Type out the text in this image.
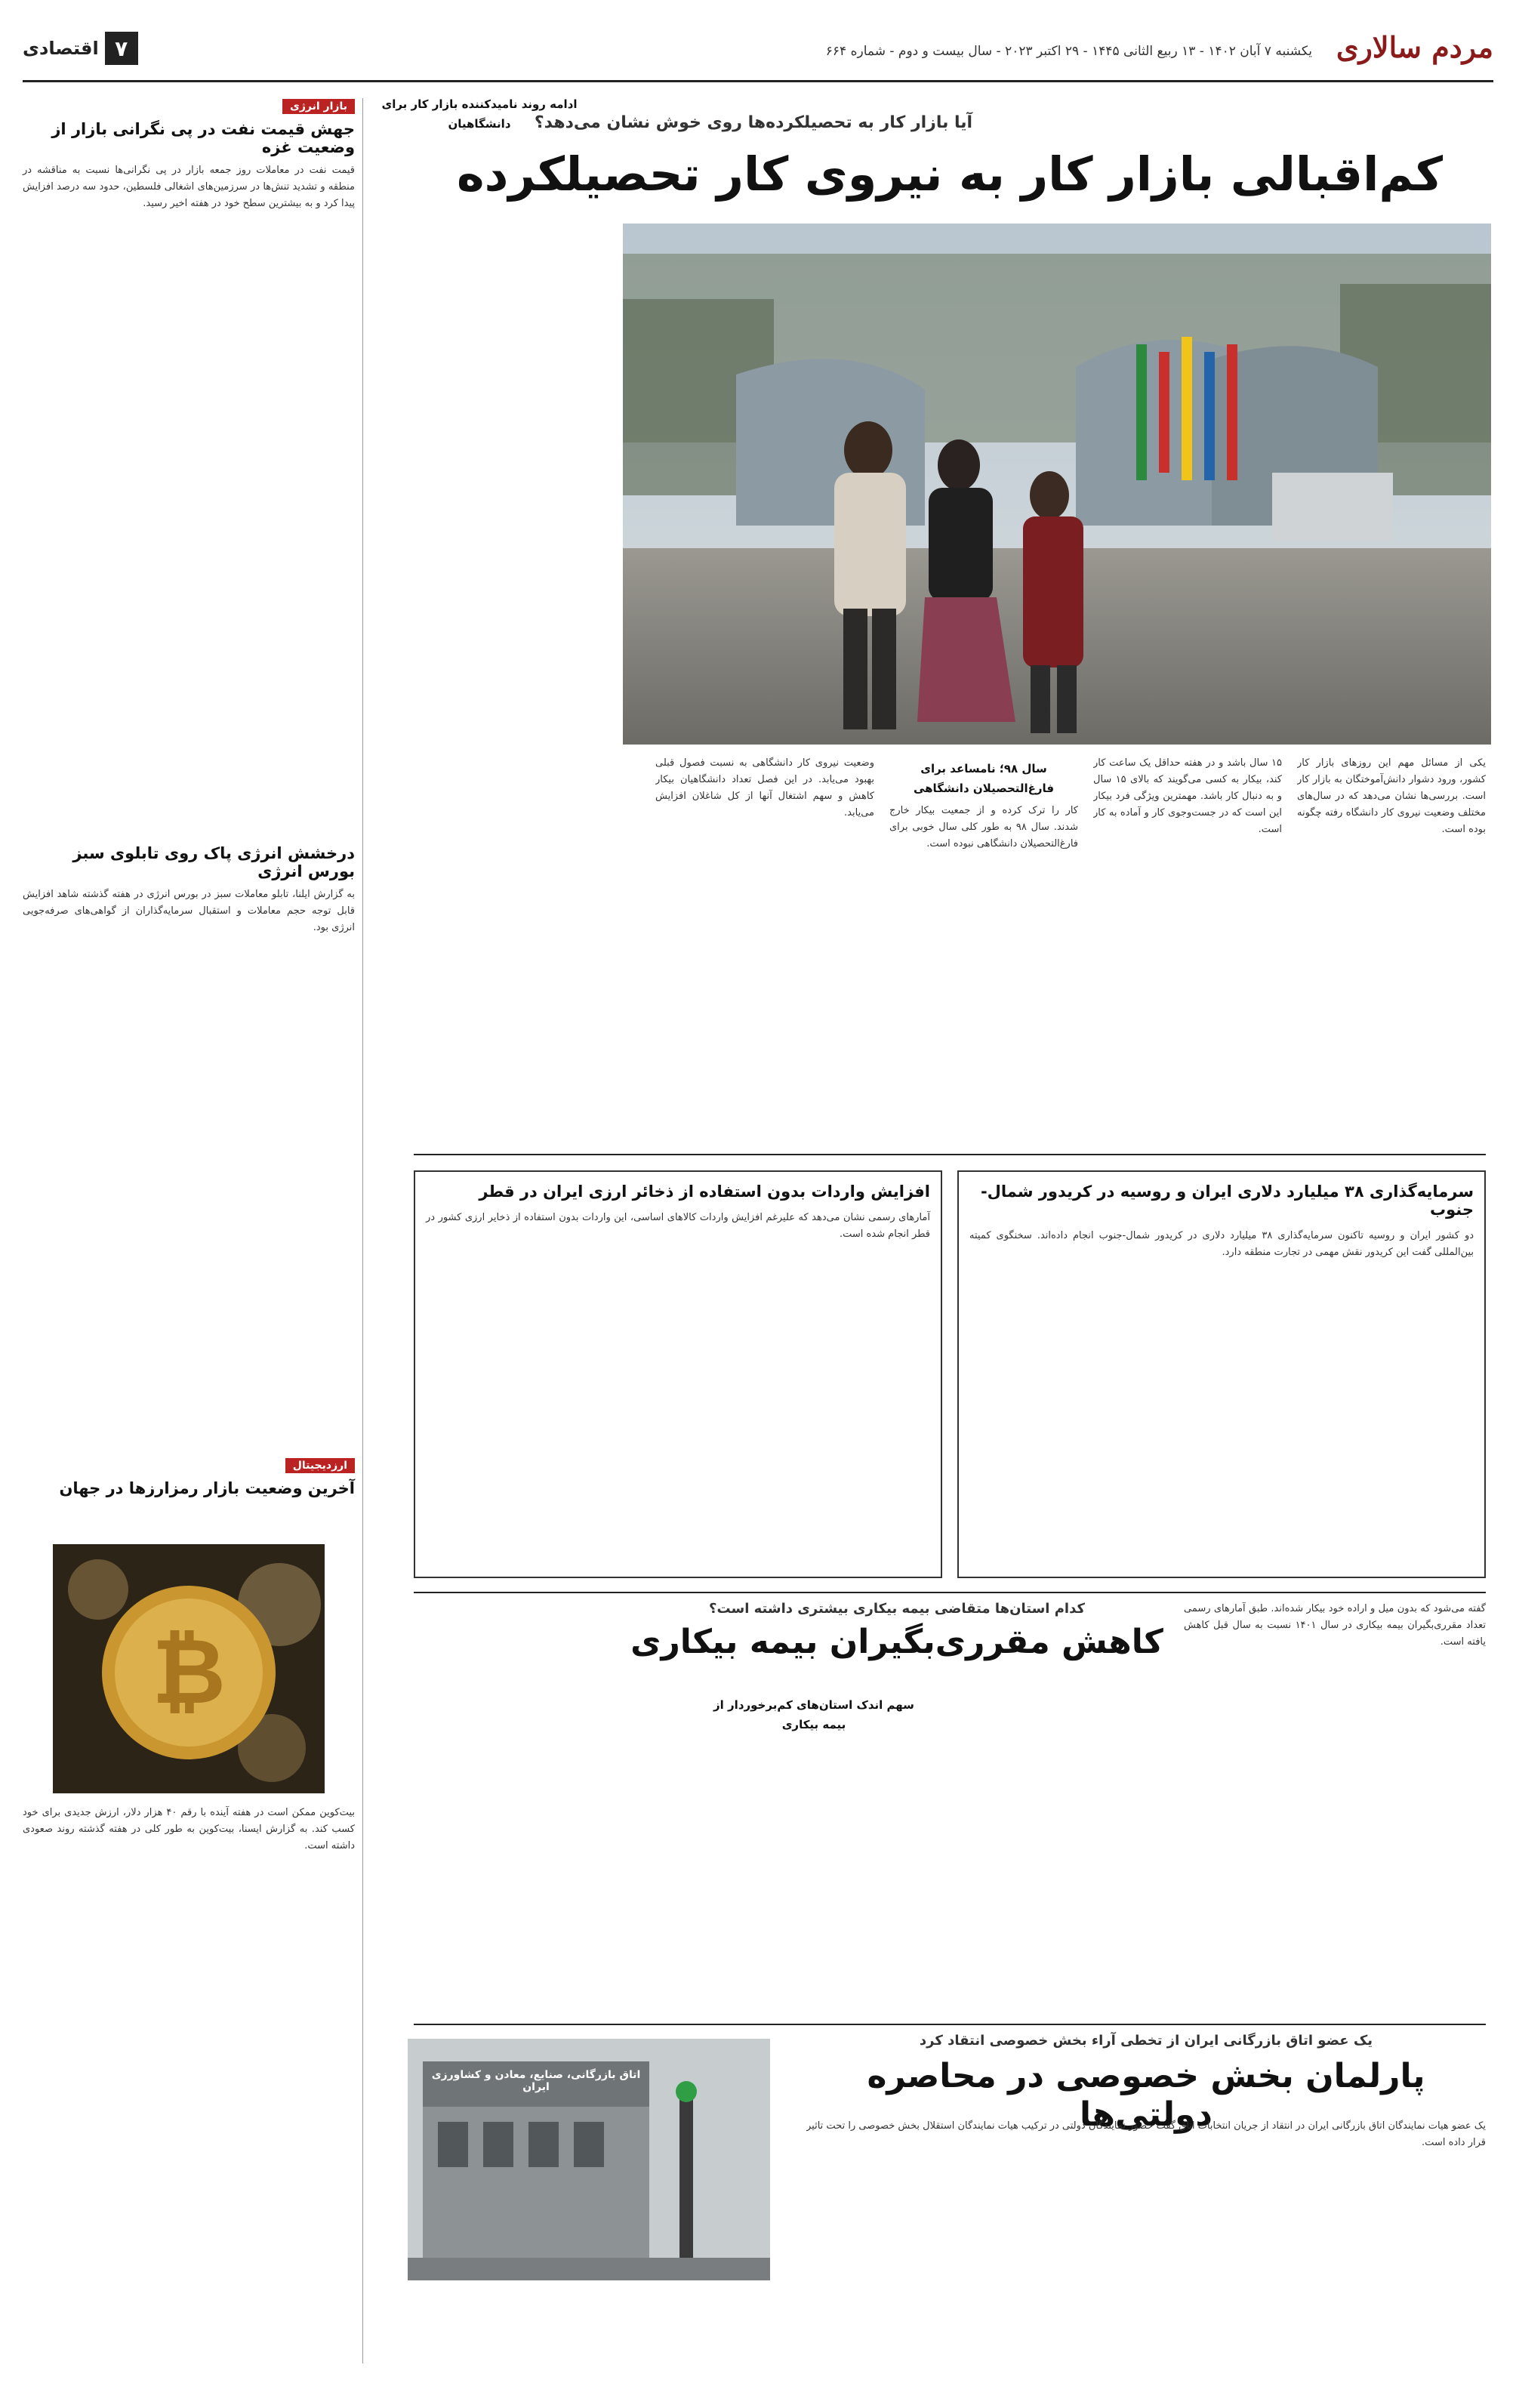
مردم سالاری
یکشنبه ۷ آبان ۱۴۰۲ - ۱۳ ربیع الثانی ۱۴۴۵ - ۲۹ اکتبر ۲۰۲۳ - سال بیست و دوم - شماره ۶۶۴
۷
اقتصادی
آیا بازار کار به تحصیلکرده‌ها روی خوش نشان می‌دهد؟
کم‌اقبالی بازار کار به نیروی کار تحصیلکرده

یکی از مسائل مهم این روزهای بازار کار کشور، ورود دشوار دانش‌آموختگان به بازار کار است. بررسی‌ها نشان می‌دهد که در سال‌های مختلف وضعیت نیروی کار دانشگاه رفته چگونه بوده است.

۱۵ سال باشد و در هفته حداقل یک ساعت کار کند، بیکار به کسی می‌گویند که بالای ۱۵ سال و به دنبال کار باشد. مهمترین ویژگی فرد بیکار این است که در جست‌وجوی کار و آماده به کار است.

سال ۹۸؛ نامساعد برای فارغ‌التحصیلان دانشگاهی

کار را ترک کرده و از جمعیت بیکار خارج شدند. سال ۹۸ به طور کلی سال خوبی برای فارغ‌التحصیلان دانشگاهی نبوده است.

وضعیت نیروی کار دانشگاهی به نسبت فصول قبلی بهبود می‌یابد. در این فصل تعداد دانشگاهیان بیکار کاهش و سهم اشتغال آنها از کل شاغلان افزایش می‌یابد.

ادامه روند نامیدکننده بازار کار برای دانشگاهیان
بازار انرژی
جهش قیمت نفت در پی نگرانی بازار از وضعیت غزه

قیمت نفت در معاملات روز جمعه بازار در پی نگرانی‌ها نسبت به مناقشه در منطقه و تشدید تنش‌ها در سرزمین‌های اشغالی فلسطین، حدود سه درصد افزایش پیدا کرد و به بیشترین سطح خود در هفته اخیر رسید.

درخشش انرژی پاک روی تابلوی سبز بورس انرژی

به گزارش ایلنا، تابلو معاملات سبز در بورس انرژی در هفته گذشته شاهد افزایش قابل توجه حجم معاملات و استقبال سرمایه‌گذاران از گواهی‌های صرفه‌جویی انرژی بود.

ارزدیجیتال
آخرین وضعیت بازار رمزارزها در جهان
₿

بیت‌کوین ممکن است در هفته آینده با رقم ۴۰ هزار دلار، ارزش جدیدی برای خود کسب کند. به گزارش ایسنا، بیت‌کوین به طور کلی در هفته گذشته روند صعودی داشته است.

سرمایه‌گذاری ۳۸ میلیارد دلاری ایران و روسیه در کریدور شمال-جنوب

دو کشور ایران و روسیه تاکنون سرمایه‌گذاری ۳۸ میلیارد دلاری در کریدور شمال-جنوب انجام داده‌اند. سخنگوی کمیته بین‌المللی گفت این کریدور نقش مهمی در تجارت منطقه دارد.

افزایش واردات بدون استفاده از ذخائر ارزی ایران در قطر

آمارهای رسمی نشان می‌دهد که علیرغم افزایش واردات کالاهای اساسی، این واردات بدون استفاده از ذخایر ارزی کشور در قطر انجام شده است.

کدام استان‌ها متقاضی بیمه بیکاری بیشتری داشته است؟
کاهش مقرری‌بگیران بیمه بیکاری

گفته می‌شود که بدون میل و اراده خود بیکار شده‌اند. طبق آمارهای رسمی تعداد مقرری‌بگیران بیمه بیکاری در سال ۱۴۰۱ نسبت به سال قبل کاهش یافته است.

سهم اندک استان‌های کم‌برخوردار از بیمه بیکاری
یک عضو اتاق بازرگانی ایران از تخطی آراء بخش خصوصی انتقاد کرد
پارلمان بخش خصوصی در محاصره دولتی‌ها
اتاق بازرگانی، صنایع، معادن و کشاورزی ایران

یک عضو هیات نمایندگان اتاق بازرگانی ایران در انتقاد از جریان انتخابات اتاق گفت حضور نمایندگان دولتی در ترکیب هیات نمایندگان استقلال بخش خصوصی را تحت تاثیر قرار داده است.
